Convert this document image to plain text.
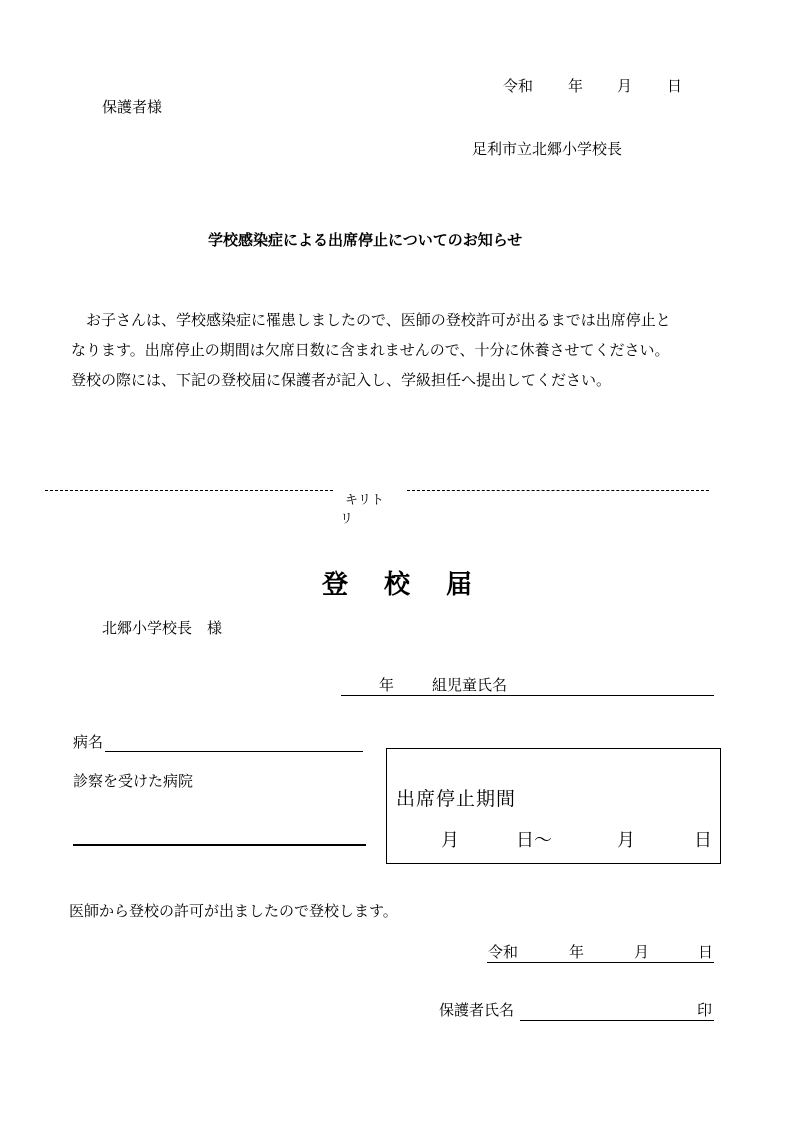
令和 年 月 日
保護者様
足利市立北郷小学校長
学校感染症による出席停止についてのお知らせ

お子さんは、学校感染症に罹患しましたので、医師の登校許可が出るまでは出席停止と

なります。出席停止の期間は欠席日数に含まれませんので、十分に休養させてください。

登校の際には、下記の登校届に保護者が記入し、学級担任へ提出してください。

キリト
リ
登校届
北郷小学校長　様
年	組児童氏名
病名
診察を受けた病院
出席停止期間
月	日～	月	日
医師から登校の許可が出ましたので登校します。
令和	年	月	日
保護者氏名	印
